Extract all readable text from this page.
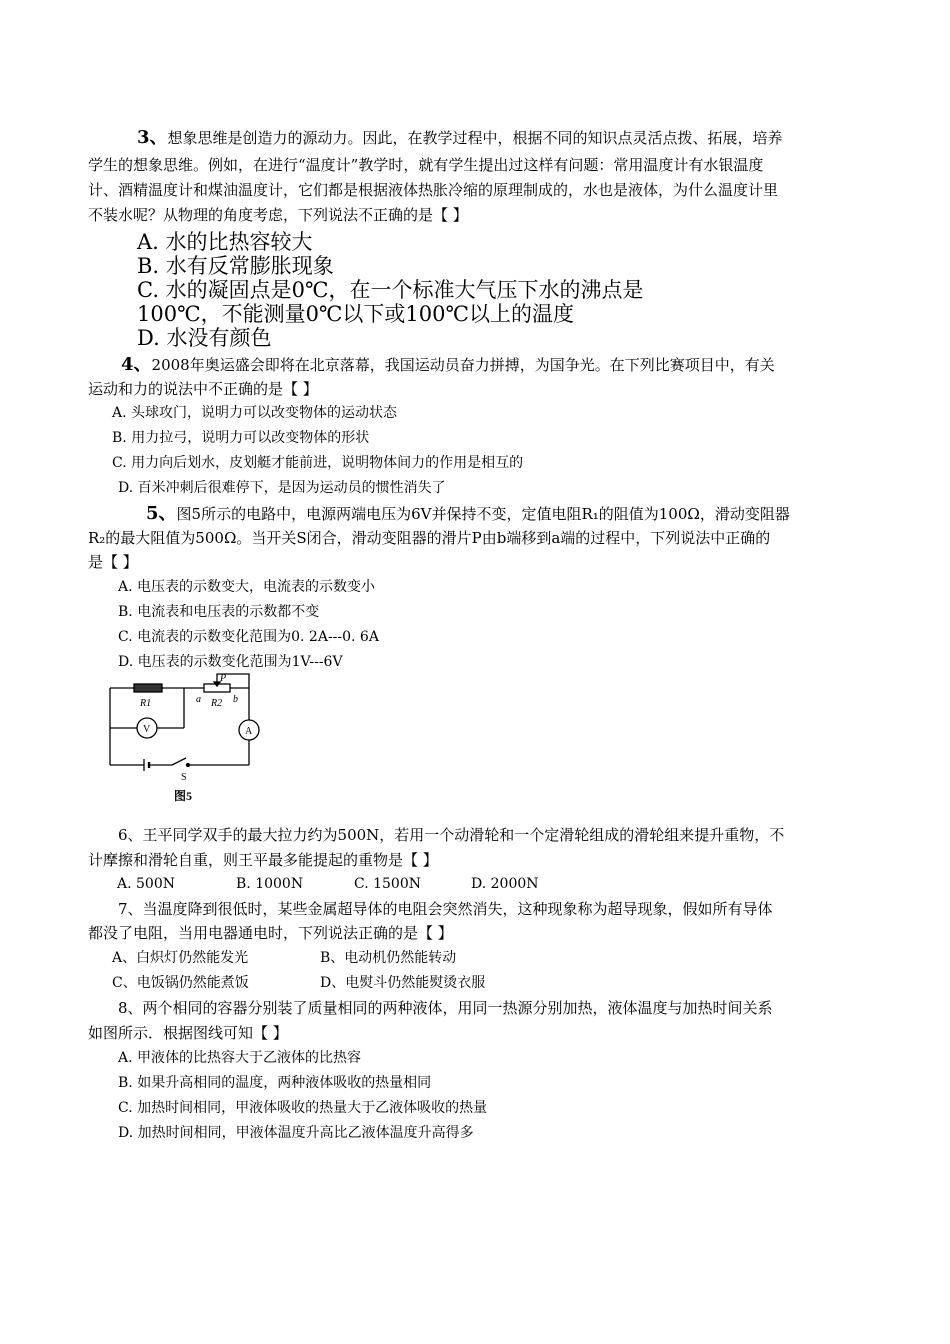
3、想象思维是创造力的源动力。因此，在教学过程中，根据不同的知识点灵活点拨、拓展，培养
学生的想象思维。例如，在进行“温度计”教学时，就有学生提出过这样有问题：常用温度计有水银温度
计、酒精温度计和煤油温度计，它们都是根据液体热胀冷缩的原理制成的，水也是液体，为什么温度计里
不装水呢？从物理的角度考虑，下列说法不正确的是【 】
A. 水的比热容较大
B. 水有反常膨胀现象
C. 水的凝固点是0℃，在一个标准大气压下水的沸点是
100℃，不能测量0℃以下或100℃以上的温度
D. 水没有颜色
4、2008年奥运盛会即将在北京落幕，我国运动员奋力拼搏，为国争光。在下列比赛项目中，有关
运动和力的说法中不正确的是【 】
A. 头球攻门，说明力可以改变物体的运动状态
B. 用力拉弓，说明力可以改变物体的形状
C. 用力向后划水，皮划艇才能前进，说明物体间力的作用是相互的
D. 百米冲刺后很难停下，是因为运动员的惯性消失了
5、图5所示的电路中，电源两端电压为6V并保持不变，定值电阻R₁的阻值为100Ω，滑动变阻器
R₂的最大阻值为500Ω。当开关S闭合，滑动变阻器的滑片P由b端移到a端的过程中，下列说法中正确的
是【 】
A. 电压表的示数变大，电流表的示数变小
B. 电流表和电压表的示数都不变
C. 电流表的示数变化范围为0. 2A---0. 6A
D. 电压表的示数变化范围为1V---6V
R1	R2
P
a	b
V	A
S
图5
6、王平同学双手的最大拉力约为500N，若用一个动滑轮和一个定滑轮组成的滑轮组来提升重物，不
计摩擦和滑轮自重，则王平最多能提起的重物是【 】
A. 500N	B. 1000N	C. 1500N	D. 2000N
7、当温度降到很低时，某些金属超导体的电阻会突然消失，这种现象称为超导现象，假如所有导体
都没了电阻，当用电器通电时，下列说法正确的是【 】
A、白炽灯仍然能发光	B、电动机仍然能转动
C、电饭锅仍然能煮饭	D、电熨斗仍然能熨烫衣服
8、两个相同的容器分别装了质量相同的两种液体，用同一热源分别加热，液体温度与加热时间关系
如图所示．根据图线可知【 】
A. 甲液体的比热容大于乙液体的比热容
B. 如果升高相同的温度，两种液体吸收的热量相同
C. 加热时间相同，甲液体吸收的热量大于乙液体吸收的热量
D. 加热时间相同，甲液体温度升高比乙液体温度升高得多
